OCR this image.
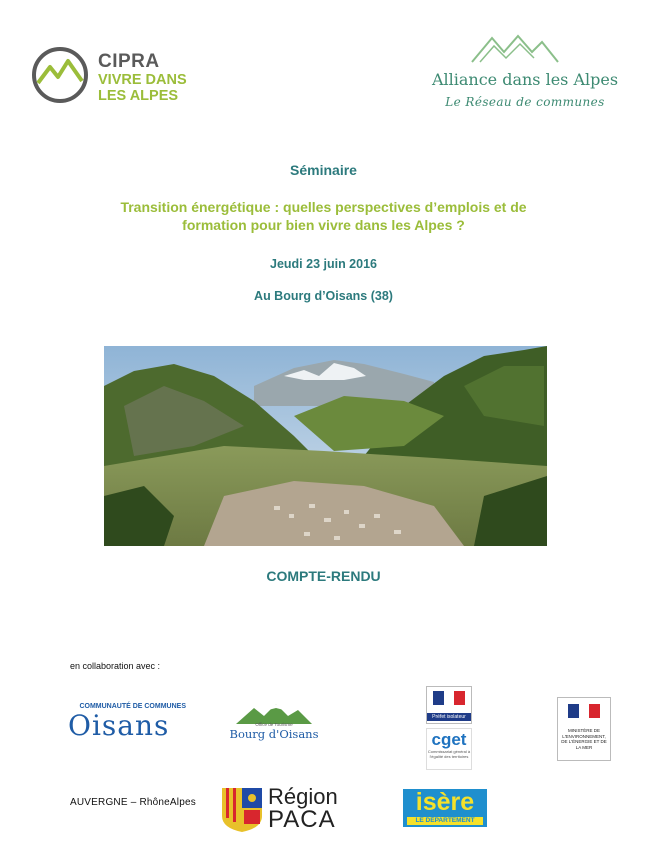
CIPRA
VIVRE DANS
LES ALPES
Alliance dans les Alpes
Le Réseau de communes
Séminaire
Transition énergétique : quelles perspectives d’emplois et de
formation pour bien vivre dans les Alpes ?
Jeudi 23 juin 2016
Au Bourg d’Oisans (38)
COMPTE-RENDU
en collaboration avec :
COMMUNAUTÉ DE COMMUNES
Oisans	Office de Tourisme
Bourg d'Oisans
Préfet isolateur
cget
Commissariat général à l'égalité des territoires
MINISTÈRE DE L'ENVIRONNEMENT, DE L'ÉNERGIE ET DE LA MER
AUVERGNE – RhôneAlpes	Région
PACA
isère
LE DÉPARTEMENT
